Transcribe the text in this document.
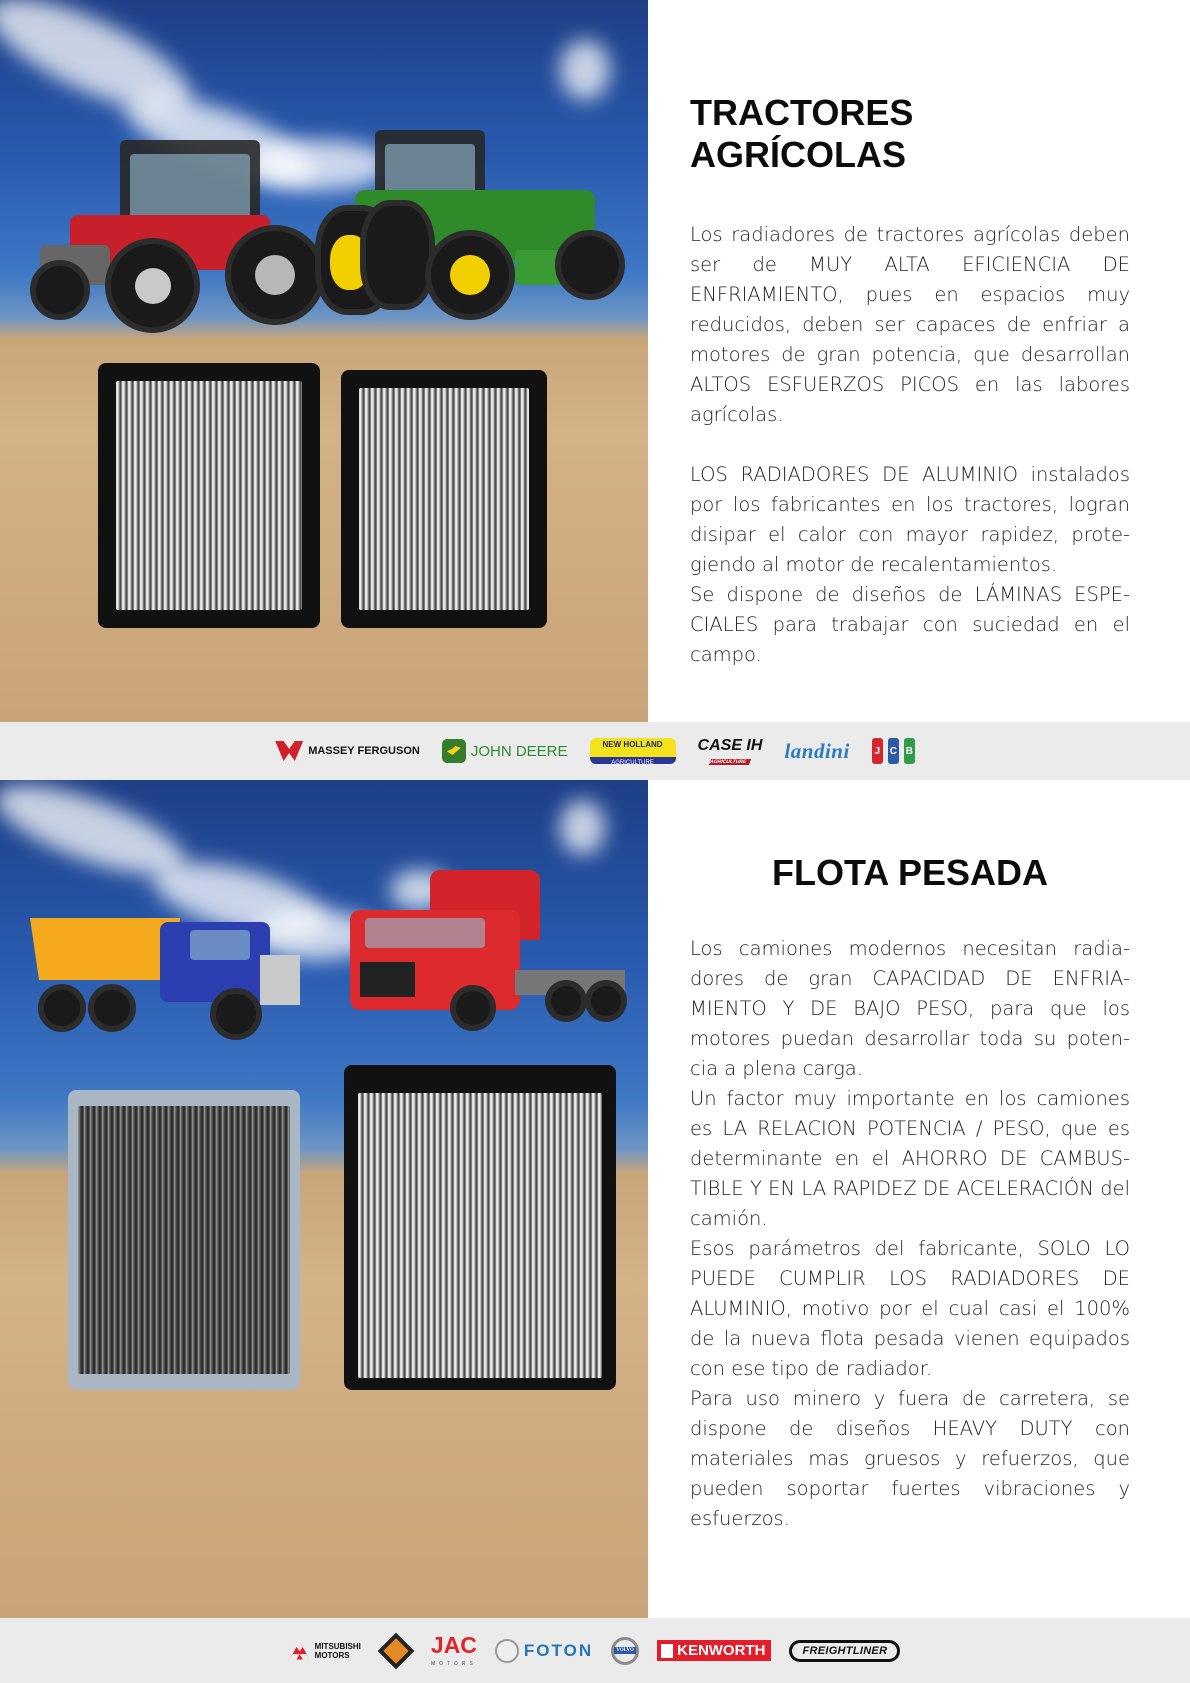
TRACTORES AGRÍCOLAS

Los radiadores de tractores agrícolas deben ser de MUY ALTA EFICIENCIA DE ENFRIAMIENTO, pues en espacios muy reducidos, deben ser capaces de enfriar a motores de gran potencia, que desarrollan ALTOS ESFUERZOS PICOS en las labores agrícolas.

LOS RADIADORES DE ALUMINIO instalados por los fabricantes en los tractores, logran disipar el calor con mayor rapidez, prote-giendo al motor de recalentamientos.

Se dispone de diseños de LÁMINAS ESPE-CIALES para trabajar con suciedad en el campo.

MASSEY FERGUSON	JOHN DEERE	NEW HOLLAND
AGRICULTURE
CASE IH
AGRICULTURE landini J C B
FLOTA PESADA

Los camiones modernos necesitan radia-dores de gran CAPACIDAD DE ENFRIA-MIENTO Y DE BAJO PESO, para que los motores puedan desarrollar toda su poten-cia a plena carga.

Un factor muy importante en los camiones es LA RELACION POTENCIA / PESO, que es determinante en el AHORRO DE CAMBUS-TIBLE Y EN LA RAPIDEZ DE ACELERACIÓN del camión.

Esos parámetros del fabricante, SOLO LO PUEDE CUMPLIR LOS RADIADORES DE ALUMINIO, motivo por el cual casi el 100% de la nueva flota pesada vienen equipados con ese tipo de radiador.

Para uso minero y fuera de carretera, se dispone de diseños HEAVY DUTY con materiales mas gruesos y refuerzos, que pueden soportar fuertes vibraciones y esfuerzos.

MITSUBISHI
MOTORS	JAC
MOTORS
FOTON	VOLVO	KENWORTH	FREIGHTLINER
